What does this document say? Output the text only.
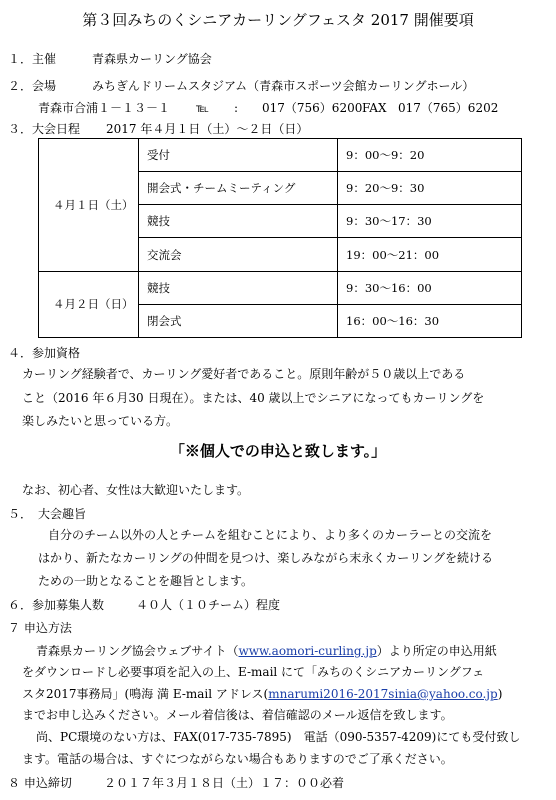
第３回みちのくシニアカーリングフェスタ 2017 開催要項
１．主催	青森県カーリング協会
２．会場	みちぎんドリームスタジアム（青森市スポーツ会館カーリングホール）
青森市合浦１－１３－１ ℡ : 017（756）6200 FAX 017（765）6202
３．大会日程 2017 年４月１日（土）～２日（日）
４月１日（土）	受付	9：00～9：20
	開会式・チームミーティング	9：20～9：30
	競技	9：30～17：30
	交流会	19：00～21：00
４月２日（日）	競技	9：30～16：00
	閉会式	16：00～16：30
４．参加資格
カーリング経験者で、カーリング愛好者であること。原則年齢が５０歳以上である
こと（2016 年６月30 日現在）。または、40 歳以上でシニアになってもカーリングを
楽しみたいと思っている方。
「※個人での申込と致します。」
なお、初心者、女性は大歓迎いたします。
５．　大会趣旨
自分のチーム以外の人とチームを組むことにより、より多くのカーラーとの交流を
はかり、新たなカーリングの仲間を見つけ、楽しみながら末永くカーリングを続ける
ための一助となることを趣旨とします。
６．参加募集人数	４０人（１０チーム）程度
７ 申込方法
青森県カーリング協会ウェブサイト（www.aomori-curling.jp）より所定の申込用紙
をダウンロードし必要事項を記入の上、E-mail にて「みちのくシニアカーリングフェ
スタ2017事務局」(鳴海 満 E-mail アドレス(mnarumi2016-2017sinia@yahoo.co.jp)
までお申し込みください。メール着信後は、着信確認のメール返信を致します。
尚、PC環境のない方は、FAX(017-735-7895)　電話（090-5357-4209)にても受付致し
ます。電話の場合は、すぐにつながらない場合もありますのでご了承ください。
８ 申込締切	２０１７年３月１８日（土）１７：００必着
